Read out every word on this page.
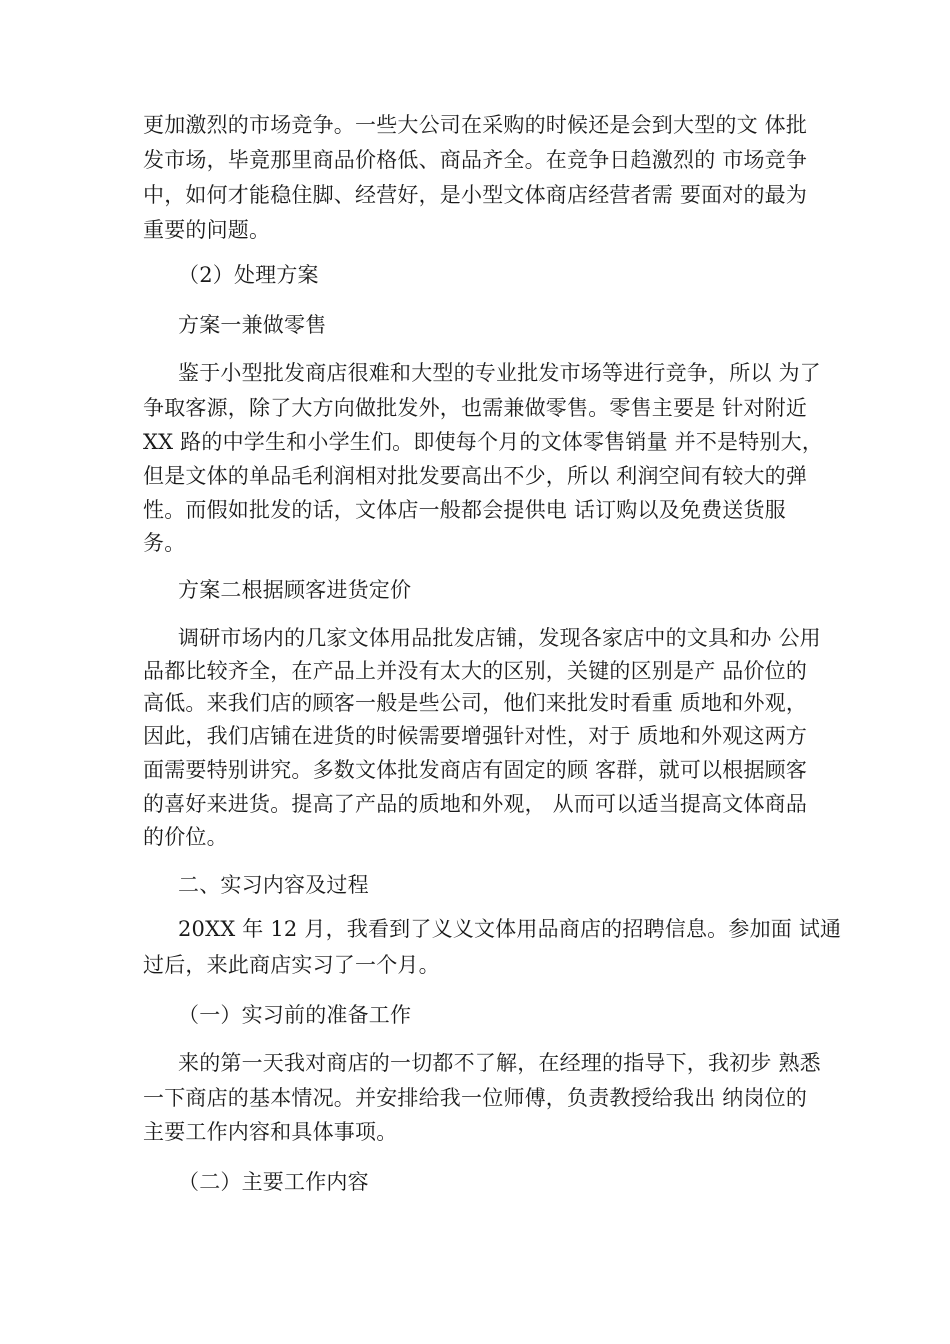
更加激烈的市场竞争。一些大公司在采购的时候还是会到大型的文 体批
发市场，毕竟那里商品价格低、商品齐全。在竞争日趋激烈的 市场竞争
中，如何才能稳住脚、经营好，是小型文体商店经营者需 要面对的最为
重要的问题。
（2）处理方案
方案一兼做零售
鉴于小型批发商店很难和大型的专业批发市场等进行竞争，所以 为了
争取客源，除了大方向做批发外，也需兼做零售。零售主要是 针对附近
XX 路的中学生和小学生们。即使每个月的文体零售销量 并不是特别大，
但是文体的单品毛利润相对批发要高出不少，所以 利润空间有较大的弹
性。而假如批发的话，文体店一般都会提供电 话订购以及免费送货服
务。
方案二根据顾客进货定价
调研市场内的几家文体用品批发店铺，发现各家店中的文具和办 公用
品都比较齐全，在产品上并没有太大的区别，关键的区别是产 品价位的
高低。来我们店的顾客一般是些公司，他们来批发时看重 质地和外观，
因此，我们店铺在进货的时候需要增强针对性，对于 质地和外观这两方
面需要特别讲究。多数文体批发商店有固定的顾 客群，就可以根据顾客
的喜好来进货。提高了产品的质地和外观， 从而可以适当提高文体商品
的价位。
二、实习内容及过程
20XX 年 12 月，我看到了义义文体用品商店的招聘信息。参加面 试通
过后，来此商店实习了一个月。
（一）实习前的准备工作
来的第一天我对商店的一切都不了解，在经理的指导下，我初步 熟悉
一下商店的基本情况。并安排给我一位师傅，负责教授给我出 纳岗位的
主要工作内容和具体事项。
（二）主要工作内容
